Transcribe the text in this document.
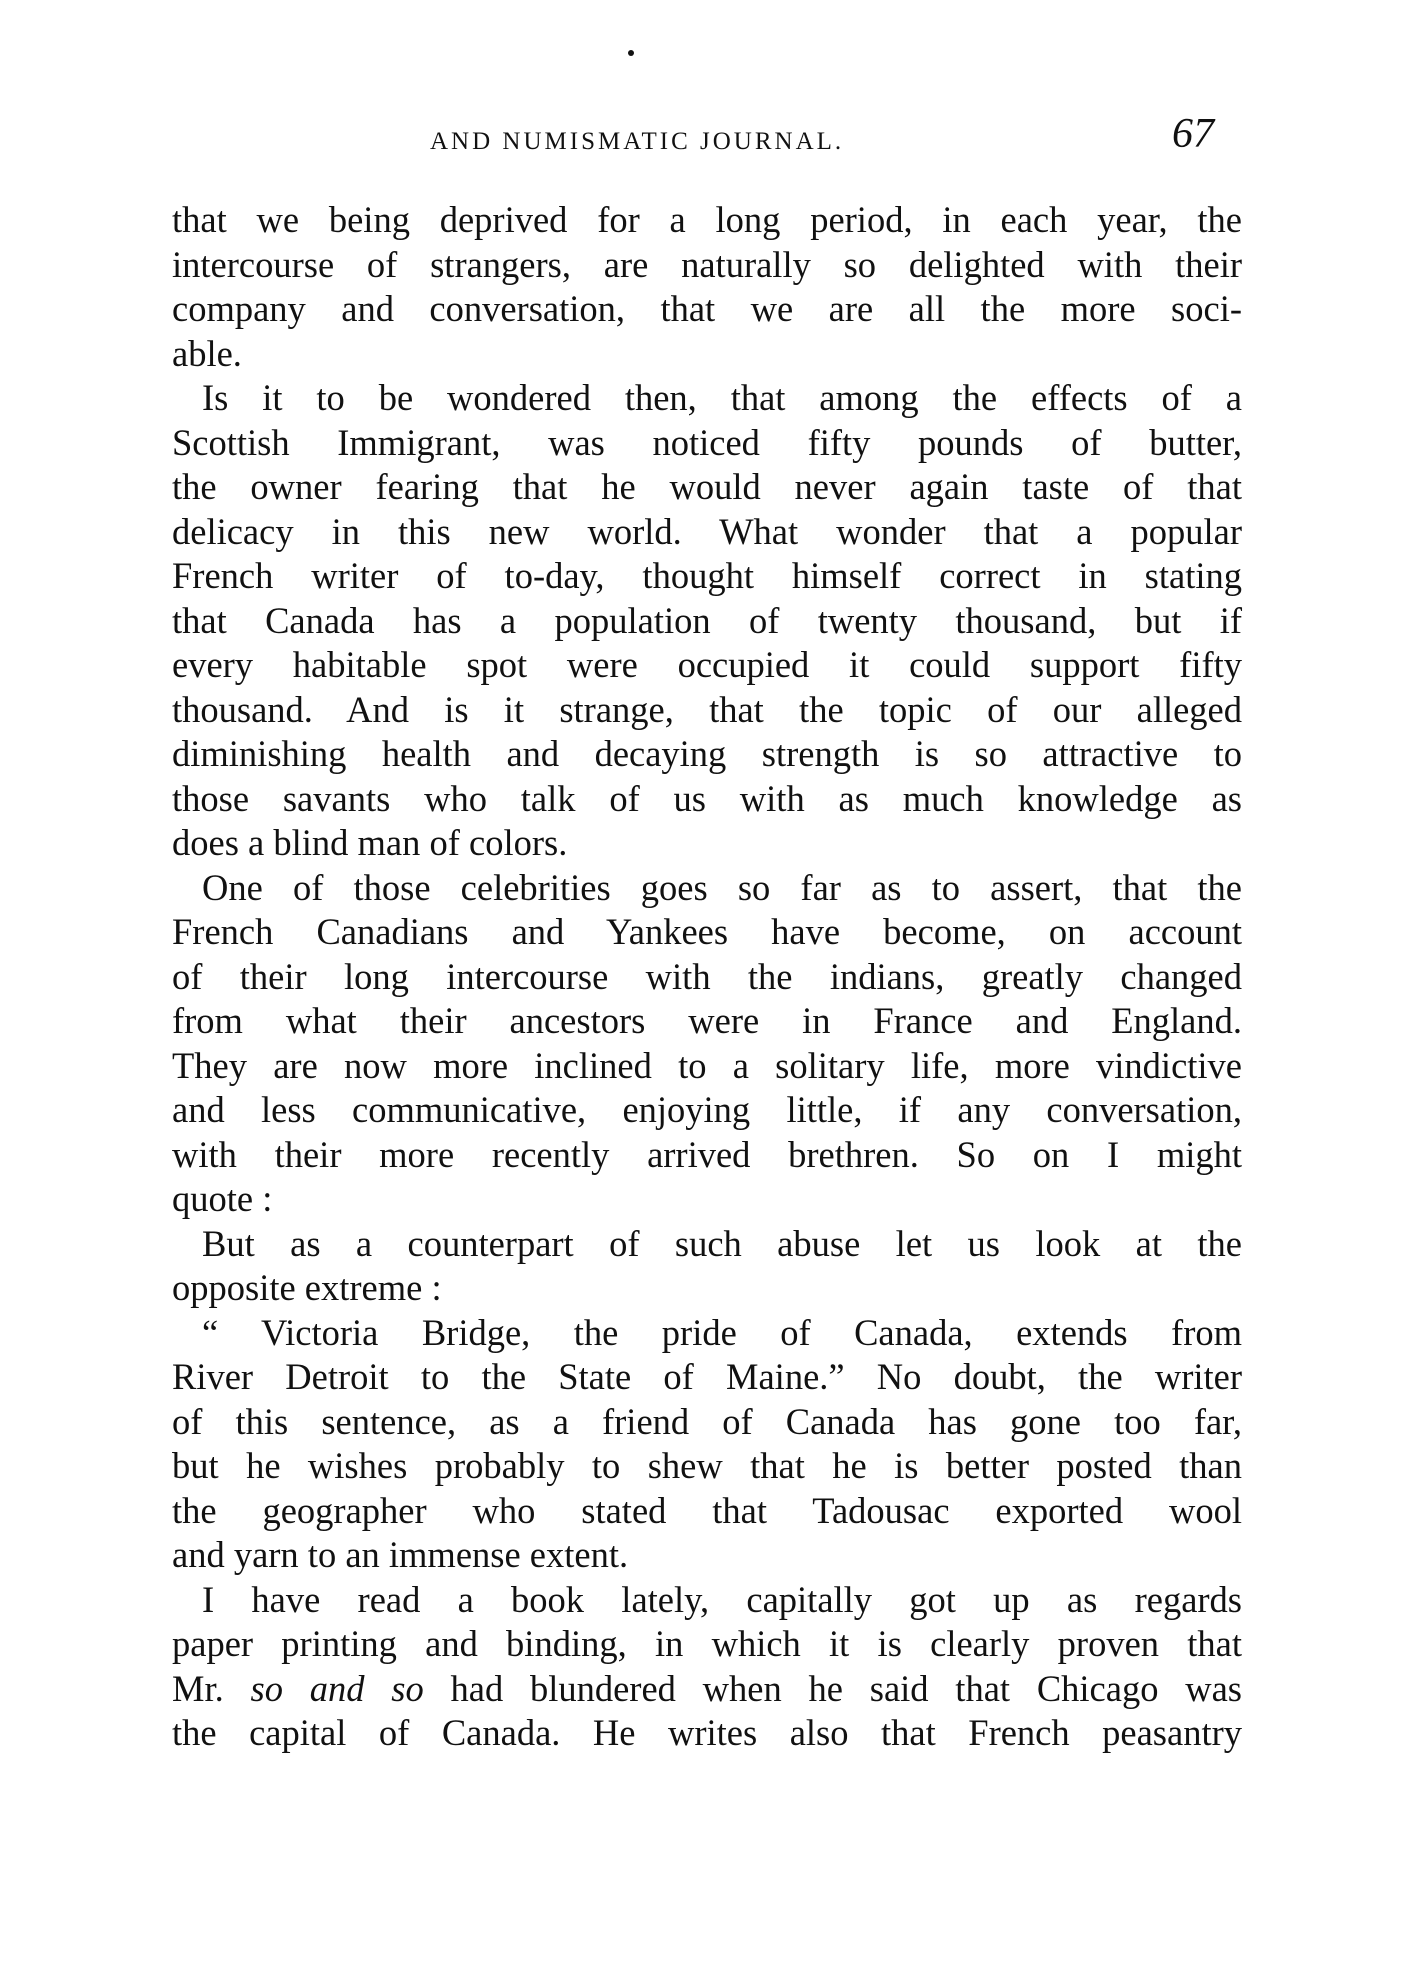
AND NUMISMATIC JOURNAL.	67
that we being deprived for a long period, in each year, the
intercourse of strangers, are naturally so delighted with their
company and conversation, that we are all the more soci-
able.
Is it to be wondered then, that among the effects of a
Scottish Immigrant, was noticed fifty pounds of butter,
the owner fearing that he would never again taste of that
delicacy in this new world. What wonder that a popular
French writer of to-day, thought himself correct in stating
that Canada has a population of twenty thousand, but if
every habitable spot were occupied it could support fifty
thousand. And is it strange, that the topic of our alleged
diminishing health and decaying strength is so attractive to
those savants who talk of us with as much knowledge as
does a blind man of colors.
One of those celebrities goes so far as to assert, that the
French Canadians and Yankees have become, on account
of their long intercourse with the indians, greatly changed
from what their ancestors were in France and England.
They are now more inclined to a solitary life, more vindictive
and less communicative, enjoying little, if any conversation,
with their more recently arrived brethren. So on I might
quote :
But as a counterpart of such abuse let us look at the
opposite extreme :
“ Victoria Bridge, the pride of Canada, extends from
River Detroit to the State of Maine.” No doubt, the writer
of this sentence, as a friend of Canada has gone too far,
but he wishes probably to shew that he is better posted than
the geographer who stated that Tadousac exported wool
and yarn to an immense extent.
I have read a book lately, capitally got up as regards
paper printing and binding, in which it is clearly proven that
Mr. so and so had blundered when he said that Chicago was
the capital of Canada. He writes also that French peasantry
